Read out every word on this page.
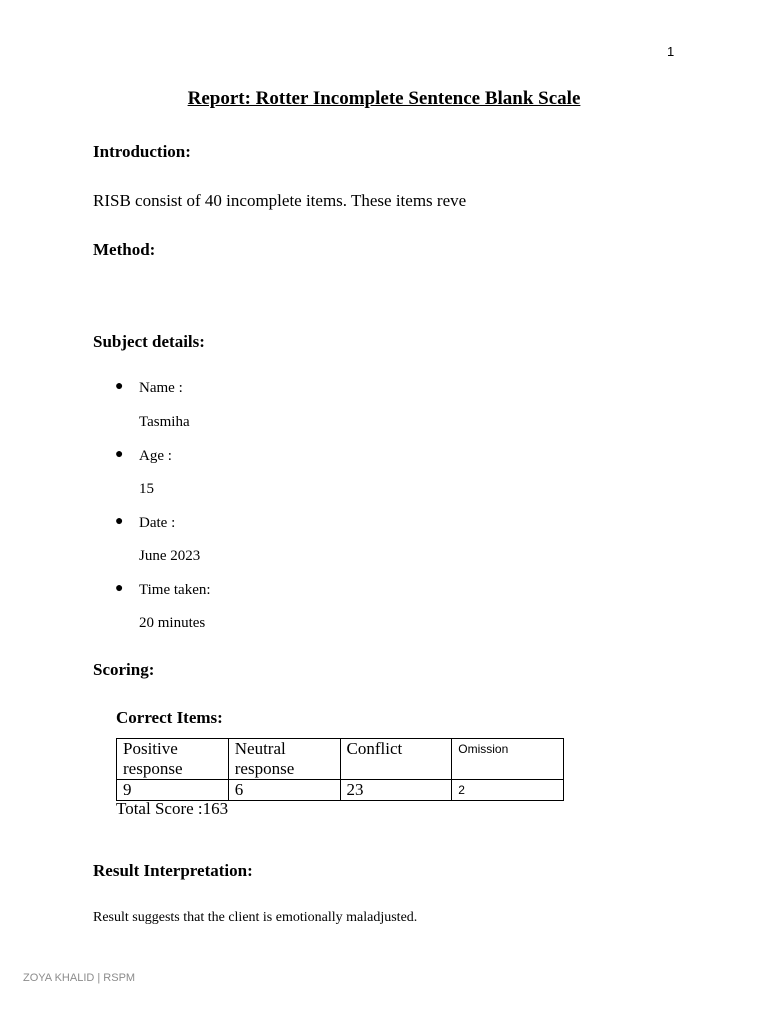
1
Report: Rotter Incomplete Sentence Blank Scale
Introduction:
RISB consist of 40 incomplete items. These items reve
Method:
Subject details:
● Name :
Tasmiha
● Age :
15
● Date :
June 2023
● Time taken:
20 minutes
Scoring:
Correct Items:
Positive response	Neutral response	Conflict	Omission
9	6	23	2
Total Score :163
Result Interpretation:
Result suggests that the client is emotionally maladjusted.
ZOYA KHALID | RSPM
